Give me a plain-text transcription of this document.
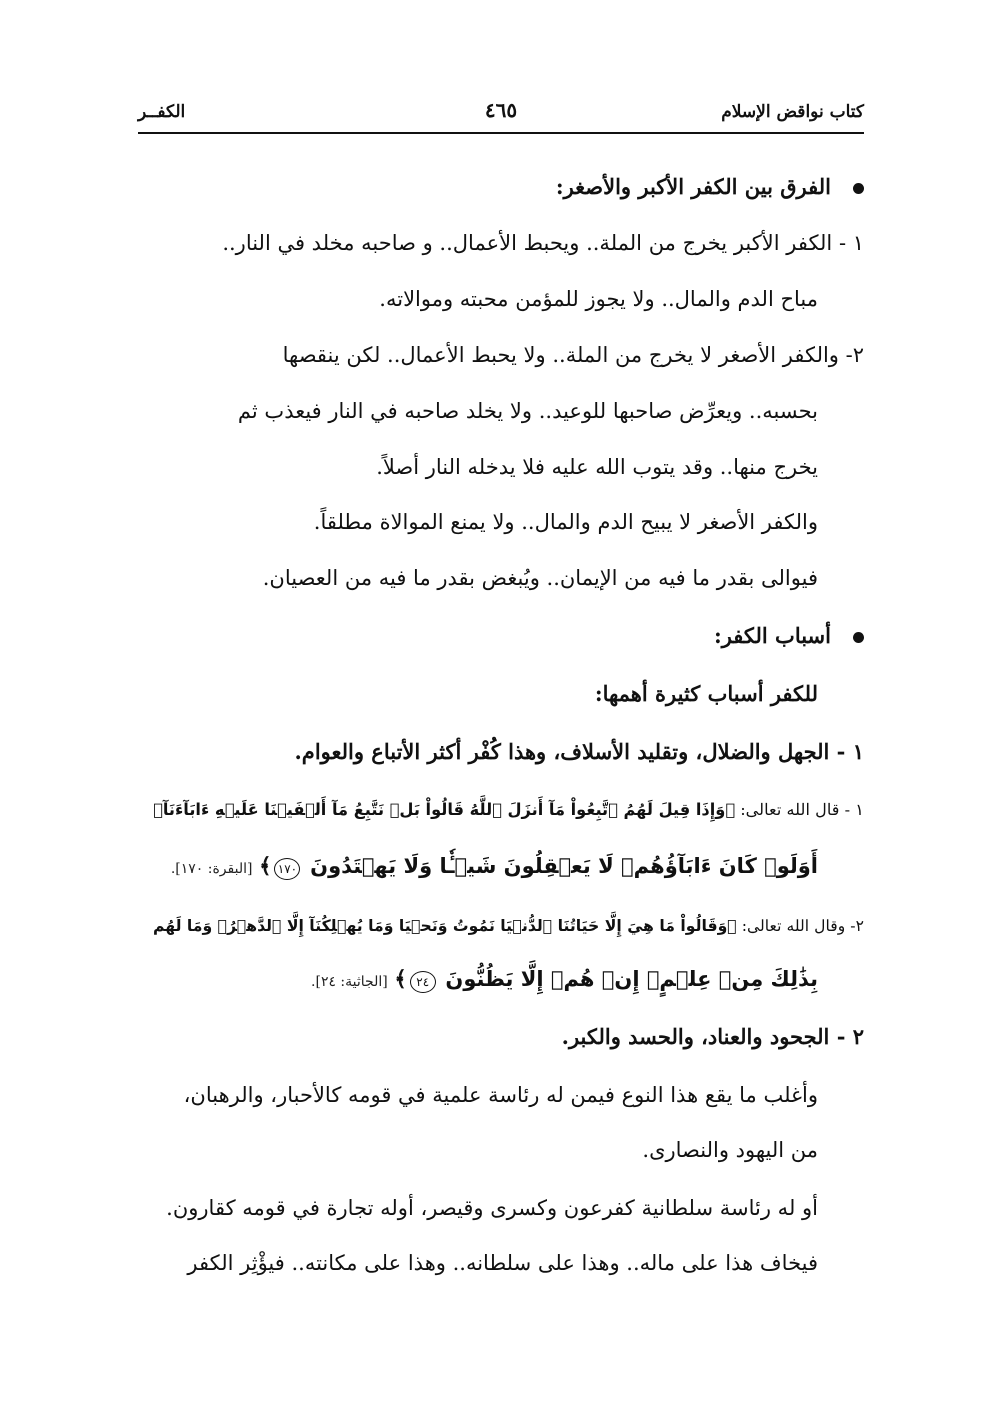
كتاب نواقض الإسلام
٤٦٥
الكفــر
الفرق بين الكفر الأكبر والأصغر:
١ - الكفر الأكبر يخرج من الملة.. ويحبط الأعمال.. و صاحبه مخلد في النار..
مباح الدم والمال.. ولا يجوز للمؤمن محبته وموالاته.
٢- والكفر الأصغر لا يخرج من الملة.. ولا يحبط الأعمال.. لكن ينقصها
بحسبه.. ويعرِّض صاحبها للوعيد.. ولا يخلد صاحبه في النار فيعذب ثم
يخرج منها.. وقد يتوب الله عليه فلا يدخله النار أصلاً.
والكفر الأصغر لا يبيح الدم والمال.. ولا يمنع الموالاة مطلقاً.
فيوالى بقدر ما فيه من الإيمان.. ويُبغض بقدر ما فيه من العصيان.
أسباب الكفر:
للكفر أسباب كثيرة أهمها:
١ - الجهل والضلال، وتقليد الأسلاف، وهذا كُفْر أكثر الأتباع والعوام.
١ - قال الله تعالى: ﴿وَإِذَا قِيلَ لَهُمُ ٱتَّبِعُواْ مَآ أَنزَلَ ٱللَّهُ قَالُواْ بَلۡ نَتَّبِعُ مَآ أَلۡفَيۡنَا عَلَيۡهِ ءَابَآءَنَآۚ
أَوَلَوۡ كَانَ ءَابَآؤُهُمۡ لَا يَعۡقِلُونَ شَيۡـٔٗا وَلَا يَهۡتَدُونَ ١٧٠﴾ [البقرة: ١٧٠].
٢- وقال الله تعالى: ﴿وَقَالُواْ مَا هِيَ إِلَّا حَيَاتُنَا ٱلدُّنۡيَا نَمُوتُ وَنَحۡيَا وَمَا يُهۡلِكُنَآ إِلَّا ٱلدَّهۡرُۚ وَمَا لَهُم
بِذَٰلِكَ مِنۡ عِلۡمٍۖ إِنۡ هُمۡ إِلَّا يَظُنُّونَ ٢٤﴾ [الجاثية: ٢٤].
٢ - الجحود والعناد، والحسد والكبر.
وأغلب ما يقع هذا النوع فيمن له رئاسة علمية في قومه كالأحبار، والرهبان،
من اليهود والنصارى.
أو له رئاسة سلطانية كفرعون وكسرى وقيصر، أوله تجارة في قومه كقارون.
فيخاف هذا على ماله.. وهذا على سلطانه.. وهذا على مكانته.. فيؤْثِر الكفر
